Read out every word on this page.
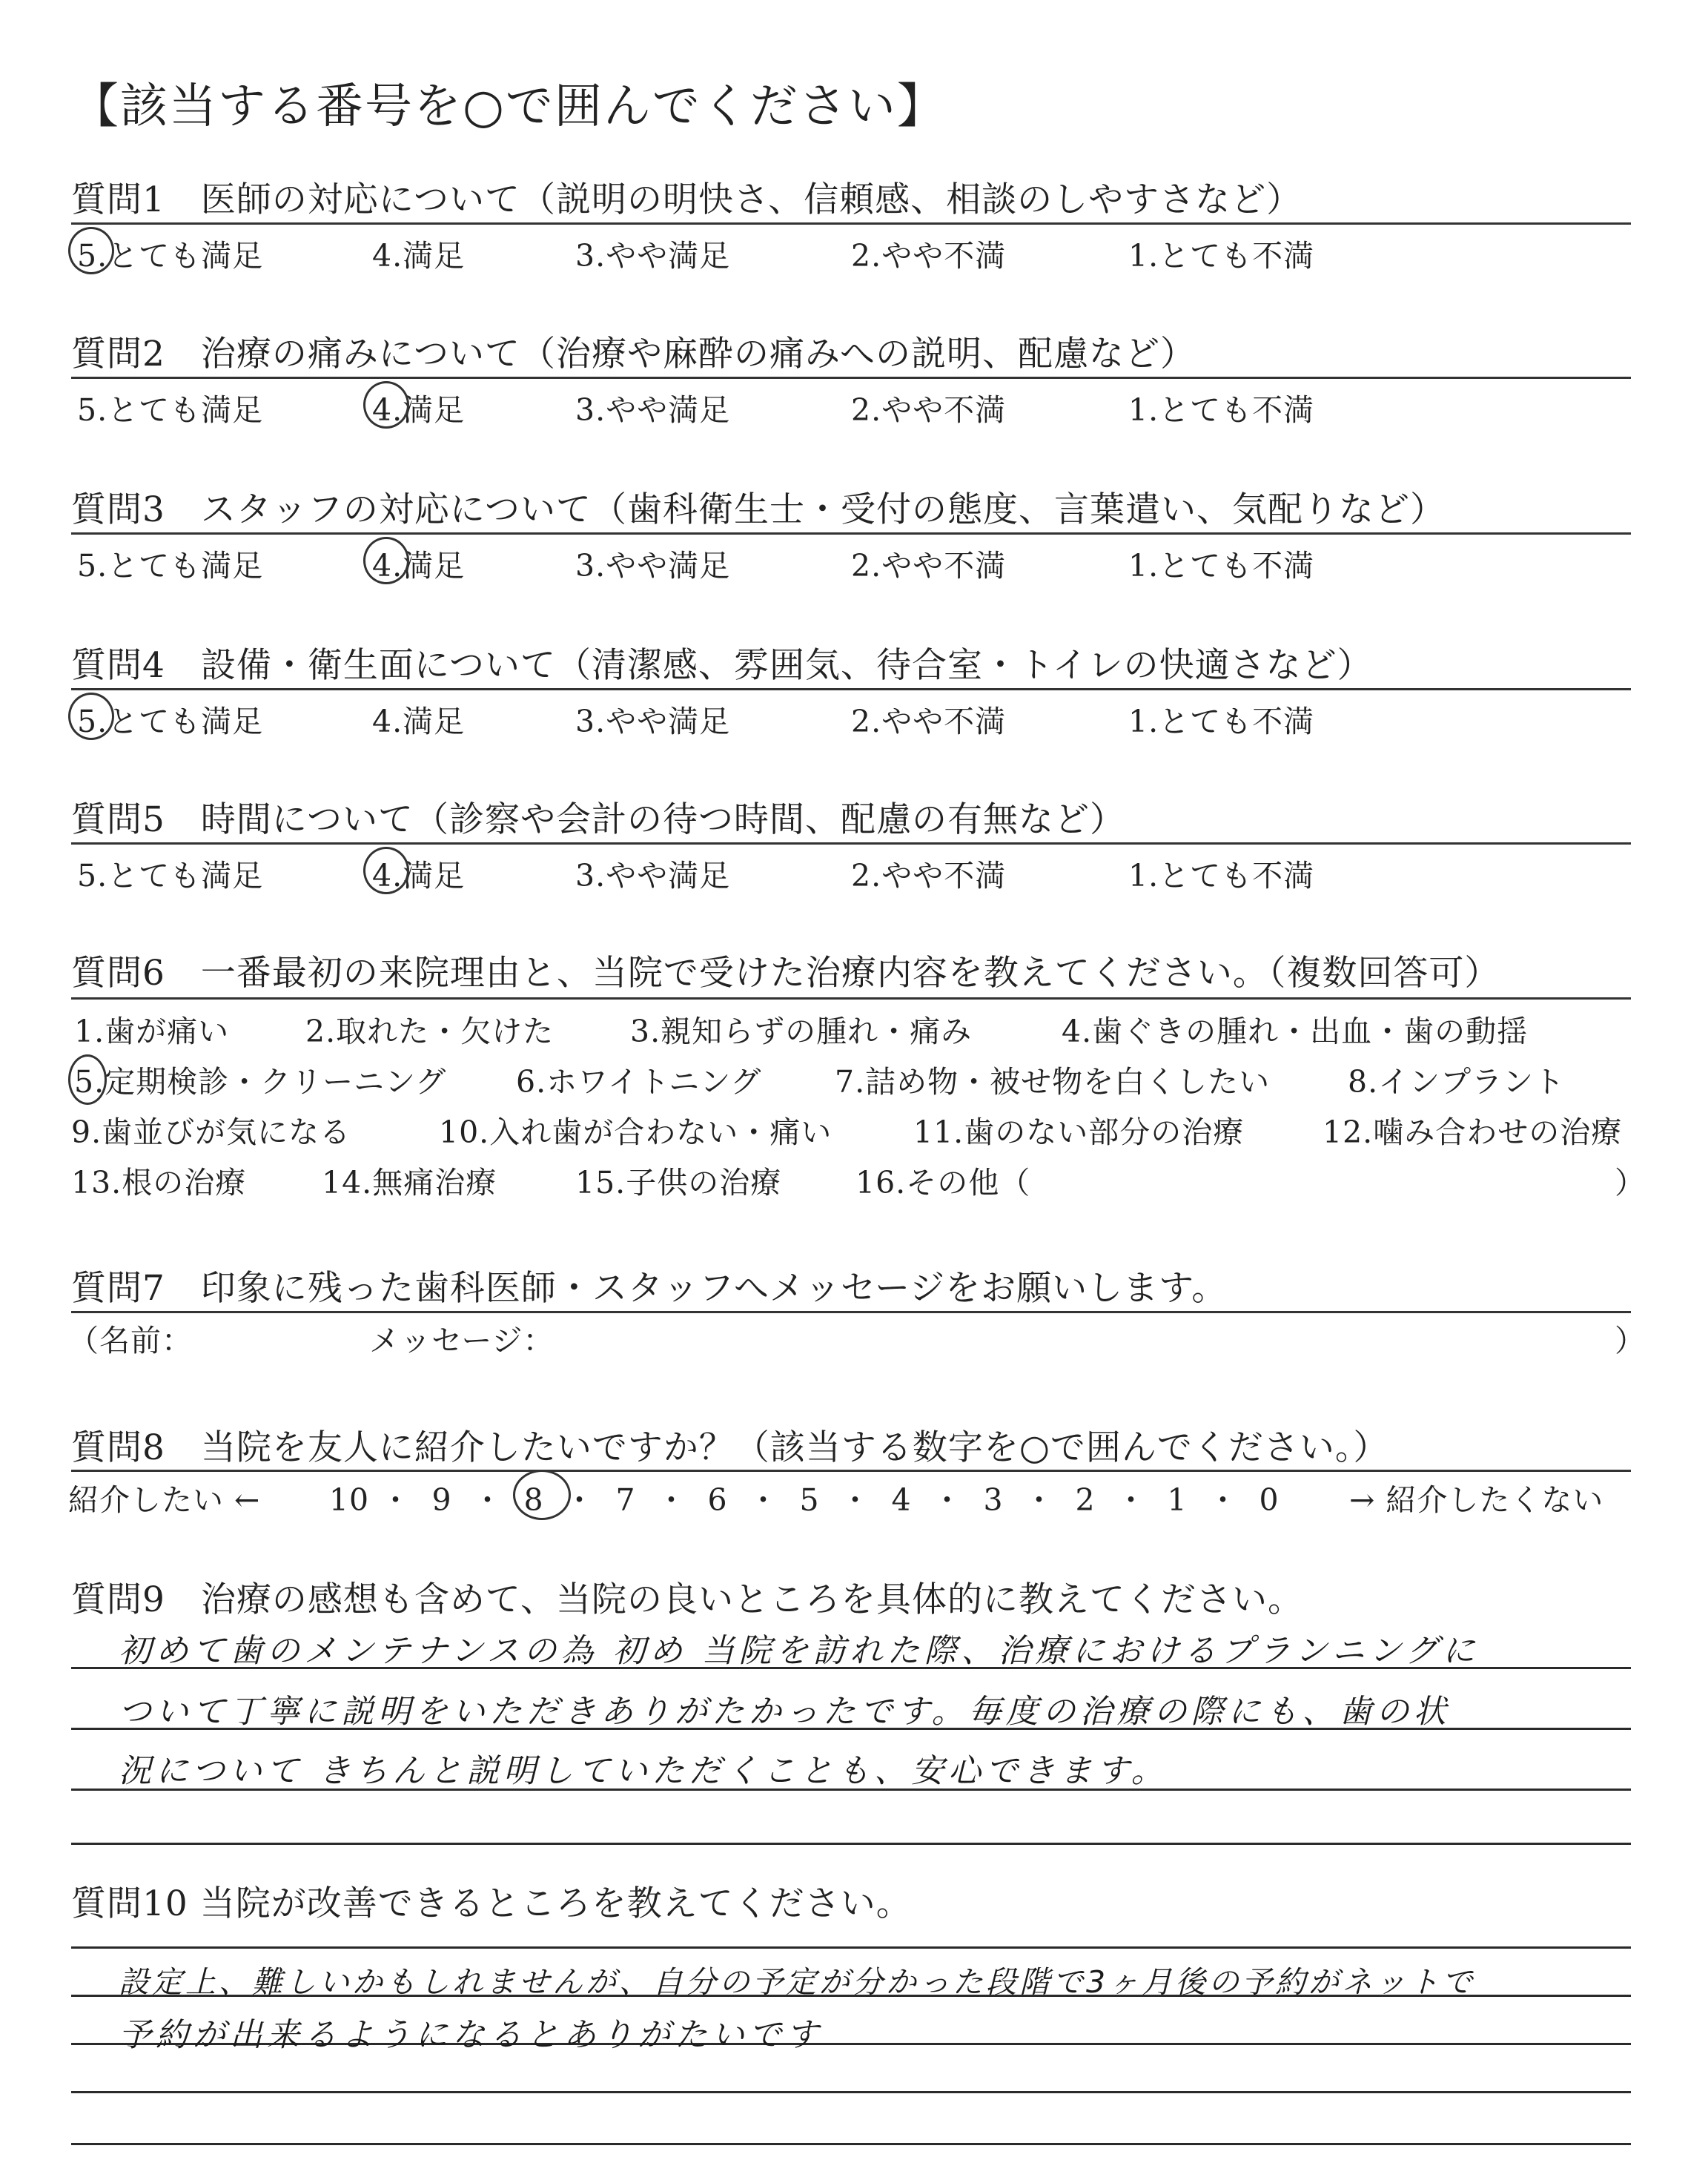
【該当する番号を○で囲んでください】
質問1　医師の対応について（説明の明快さ、信頼感、相談のしやすさなど）
5.とても満足	4.満足	3.やや満足	2.やや不満	1.とても不満
質問2　治療の痛みについて（治療や麻酔の痛みへの説明、配慮など）
5.とても満足	4.満足	3.やや満足	2.やや不満	1.とても不満
質問3　スタッフの対応について（歯科衛生士・受付の態度、言葉遣い、気配りなど）
5.とても満足	4.満足	3.やや満足	2.やや不満	1.とても不満
質問4　設備・衛生面について（清潔感、雰囲気、待合室・トイレの快適さなど）
5.とても満足	4.満足	3.やや満足	2.やや不満	1.とても不満
質問5　時間について（診察や会計の待つ時間、配慮の有無など）
5.とても満足	4.満足	3.やや満足	2.やや不満	1.とても不満
質問6　一番最初の来院理由と、当院で受けた治療内容を教えてください。（複数回答可）
1.歯が痛い	2.取れた・欠けた	3.親知らずの腫れ・痛み	4.歯ぐきの腫れ・出血・歯の動揺
5.定期検診・クリーニング 6.ホワイトニング 7.詰め物・被せ物を白くしたい	8.インプラント
9.歯並びが気になる	10.入れ歯が合わない・痛い	11.歯のない部分の治療	12.噛み合わせの治療
13.根の治療 14.無痛治療	15.子供の治療 16.その他（	）
質問7　印象に残った歯科医師・スタッフへメッセージをお願いします。
（名前：	メッセージ：	）
質問8　当院を友人に紹介したいですか？（該当する数字を○で囲んでください。）
紹介したい ← 10 ・ 9 ・ 8 ・ 7 ・ 6 ・ 5 ・ 4 ・ 3 ・ 2 ・ 1 ・ 0	→ 紹介したくない
質問9　治療の感想も含めて、当院の良いところを具体的に教えてください。
初めて歯のメンテナンスの為 初め 当院を訪れた際、治療におけるプランニングに
ついて丁寧に説明をいただきありがたかったです。毎度の治療の際にも、歯の状
況について きちんと説明していただくことも、安心できます。
質問10 当院が改善できるところを教えてください。
設定上、難しいかもしれませんが、自分の予定が分かった段階で3ヶ月後の予約がネットで
予約が出来るようになるとありがたいです
